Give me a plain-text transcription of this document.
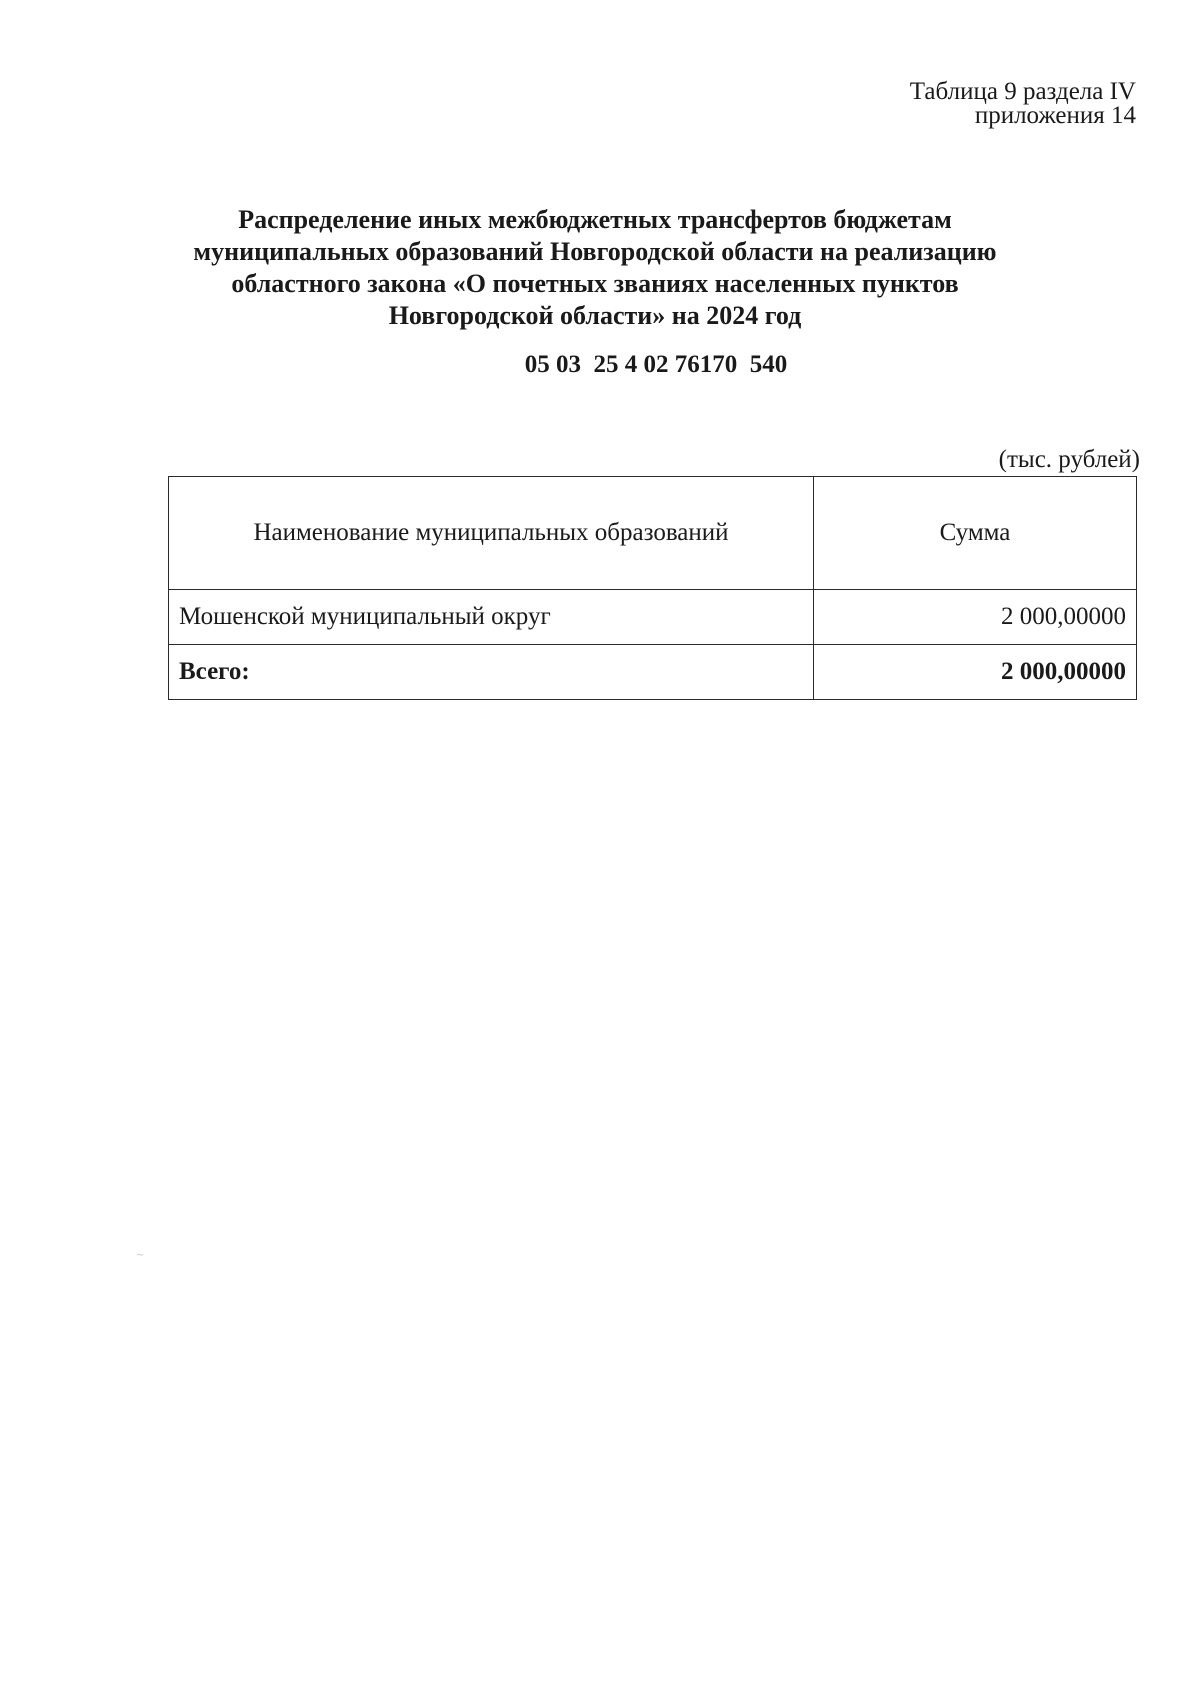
Таблица 9 раздела IV
приложения 14
Распределение иных межбюджетных трансфертов бюджетам
муниципальных образований Новгородской области на реализацию
областного закона «О почетных званиях населенных пунктов
Новгородской области» на 2024 год
05 03  25 4 02 76170  540
(тыс. рублей)
Наименование муниципальных образований	Сумма
Мошенской муниципальный округ	2 000,00000
Всего:	2 000,00000
~
